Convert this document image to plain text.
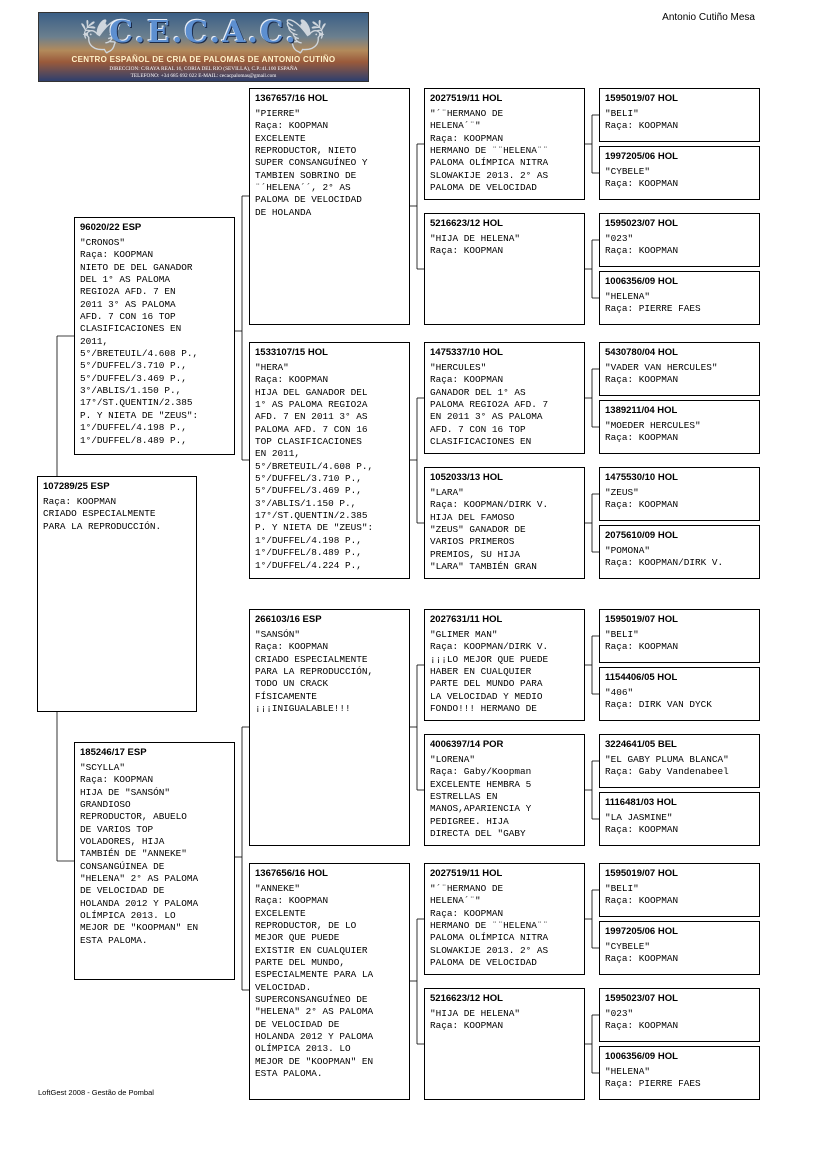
🕊	🕊
C.E.C.A.C.
CENTRO ESPAÑOL DE CRIA DE PALOMAS DE ANTONIO CUTIÑO
DIRECCION: C/RAYA REAL 16, CORIA DEL RIO (SEVILLA), C.P.:41.100 ESPAÑA
TELEFONO: +34 685 692 022 E-MAIL: cecacpalomas@gmail.com
Antonio Cutiño Mesa
107289/25 ESP
Raça: KOOPMAN
CRIADO ESPECIALMENTE
PARA LA REPRODUCCIÓN.
96020/22 ESP
"CRONOS"
Raça: KOOPMAN
NIETO DE DEL GANADOR
DEL 1° AS PALOMA
REGIO2A AFD. 7 EN
2011 3° AS PALOMA
AFD. 7 CON 16 TOP
CLASIFICACIONES EN
2011,
5°/BRETEUIL/4.608 P.,
5°/DUFFEL/3.710 P.,
5°/DUFFEL/3.469 P.,
3°/ABLIS/1.150 P.,
17°/ST.QUENTIN/2.385
P. Y NIETA DE "ZEUS":
1°/DUFFEL/4.198 P.,
1°/DUFFEL/8.489 P.,
185246/17 ESP
"SCYLLA"
Raça: KOOPMAN
HIJA DE "SANSÓN"
GRANDIOSO
REPRODUCTOR, ABUELO
DE VARIOS TOP
VOLADORES, HIJA
TAMBIÉN DE "ANNEKE"
CONSANGÚINEA DE
"HELENA" 2° AS PALOMA
DE VELOCIDAD DE
HOLANDA 2012 Y PALOMA
OLÍMPICA 2013. LO
MEJOR DE "KOOPMAN" EN
ESTA PALOMA.
1367657/16 HOL
"PIERRE"
Raça: KOOPMAN
EXCELENTE
REPRODUCTOR, NIETO
SUPER CONSANGUÍNEO Y
TAMBIEN SOBRINO DE
¨´HELENA´´, 2° AS
PALOMA DE VELOCIDAD
DE HOLANDA
1533107/15 HOL
"HERA"
Raça: KOOPMAN
HIJA DEL GANADOR DEL
1° AS PALOMA REGIO2A
AFD. 7 EN 2011 3° AS
PALOMA AFD. 7 CON 16
TOP CLASIFICACIONES
EN 2011,
5°/BRETEUIL/4.608 P.,
5°/DUFFEL/3.710 P.,
5°/DUFFEL/3.469 P.,
3°/ABLIS/1.150 P.,
17°/ST.QUENTIN/2.385
P. Y NIETA DE "ZEUS":
1°/DUFFEL/4.198 P.,
1°/DUFFEL/8.489 P.,
1°/DUFFEL/4.224 P.,
266103/16 ESP
"SANSÓN"
Raça: KOOPMAN
CRIADO ESPECIALMENTE
PARA LA REPRODUCCIÓN,
TODO UN CRACK
FÍSICAMENTE
¡¡¡INIGUALABLE!!!
1367656/16 HOL
"ANNEKE"
Raça: KOOPMAN
EXCELENTE
REPRODUCTOR, DE LO
MEJOR QUE PUEDE
EXISTIR EN CUALQUIER
PARTE DEL MUNDO,
ESPECIALMENTE PARA LA
VELOCIDAD.
SUPERCONSANGUÍNEO DE
"HELENA" 2° AS PALOMA
DE VELOCIDAD DE
HOLANDA 2012 Y PALOMA
OLÍMPICA 2013. LO
MEJOR DE "KOOPMAN" EN
ESTA PALOMA.
2027519/11 HOL
"´¨HERMANO DE
HELENA´¨"
Raça: KOOPMAN
HERMANO DE ¨¨HELENA¨¨
PALOMA OLÍMPICA NITRA
SLOWAKIJE 2013. 2° AS
PALOMA DE VELOCIDAD
5216623/12 HOL
"HIJA DE HELENA"
Raça: KOOPMAN
1475337/10 HOL
"HERCULES"
Raça: KOOPMAN
GANADOR DEL 1° AS
PALOMA REGIO2A AFD. 7
EN 2011 3° AS PALOMA
AFD. 7 CON 16 TOP
CLASIFICACIONES EN
1052033/13 HOL
"LARA"
Raça: KOOPMAN/DIRK V.
HIJA DEL FAMOSO
"ZEUS" GANADOR DE
VARIOS PRIMEROS
PREMIOS, SU HIJA
"LARA" TAMBIÉN GRAN
2027631/11 HOL
"GLIMER MAN"
Raça: KOOPMAN/DIRK V.
¡¡¡LO MEJOR QUE PUEDE
HABER EN CUALQUIER
PARTE DEL MUNDO PARA
LA VELOCIDAD Y MEDIO
FONDO!!! HERMANO DE
4006397/14 POR
"LORENA"
Raça: Gaby/Koopman
EXCELENTE HEMBRA 5
ESTRELLAS EN
MANOS,APARIENCIA Y
PEDIGREE. HIJA
DIRECTA DEL "GABY
2027519/11 HOL
"´¨HERMANO DE
HELENA´¨"
Raça: KOOPMAN
HERMANO DE ¨¨HELENA¨¨
PALOMA OLÍMPICA NITRA
SLOWAKIJE 2013. 2° AS
PALOMA DE VELOCIDAD
5216623/12 HOL
"HIJA DE HELENA"
Raça: KOOPMAN
1595019/07 HOL
"BELI"
Raça: KOOPMAN
1997205/06 HOL
"CYBELE"
Raça: KOOPMAN
1595023/07 HOL
"023"
Raça: KOOPMAN
1006356/09 HOL
"HELENA"
Raça: PIERRE FAES
5430780/04 HOL
"VADER VAN HERCULES"
Raça: KOOPMAN
1389211/04 HOL
"MOEDER HERCULES"
Raça: KOOPMAN
1475530/10 HOL
"ZEUS"
Raça: KOOPMAN
2075610/09 HOL
"POMONA"
Raça: KOOPMAN/DIRK V.
1595019/07 HOL
"BELI"
Raça: KOOPMAN
1154406/05 HOL
"406"
Raça: DIRK VAN DYCK
3224641/05 BEL
"EL GABY PLUMA BLANCA"
Raça: Gaby Vandenabeel
1116481/03 HOL
"LA JASMINE"
Raça: KOOPMAN
1595019/07 HOL
"BELI"
Raça: KOOPMAN
1997205/06 HOL
"CYBELE"
Raça: KOOPMAN
1595023/07 HOL
"023"
Raça: KOOPMAN
1006356/09 HOL
"HELENA"
Raça: PIERRE FAES
LoftGest 2008 - Gestão de Pombal
